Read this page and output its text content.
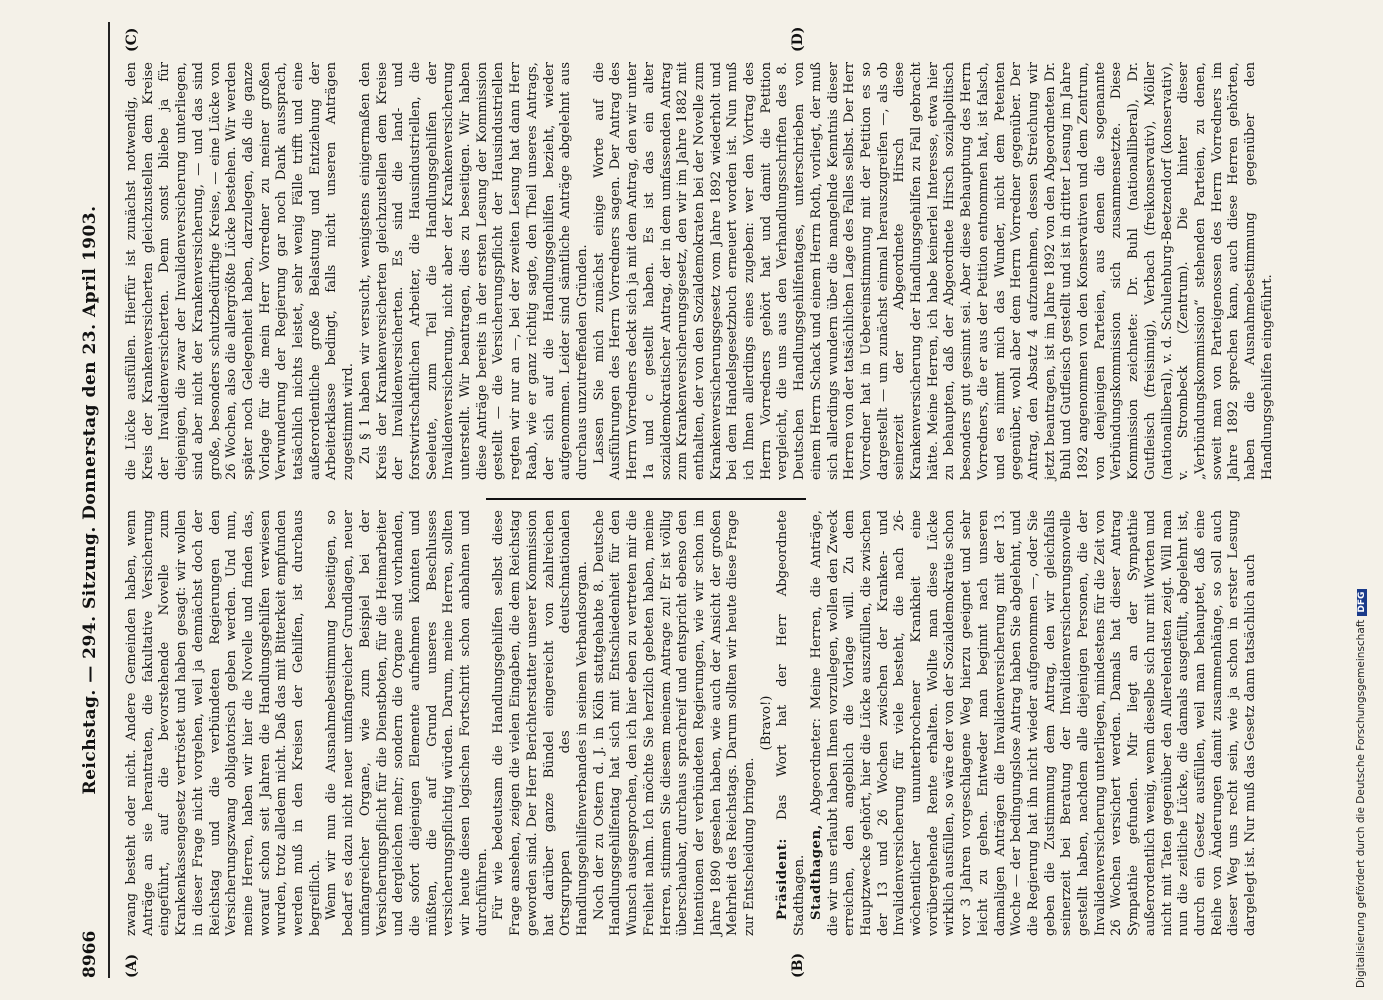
8966
Reichstag. — 294. Sitzung. Donnerstag den 23. April 1903.
(A)	(B)
(C)	(D)

zwang besteht oder nicht. Andere Gemeinden haben, wenn Anträge an sie herantraten, die fakultative Versicherung eingeführt, auf die bevorstehende Novelle zum Krankenkassengesetz vertröstet und haben gesagt: wir wollen in dieser Frage nicht vorgehen, weil ja demnächst doch der Reichstag und die verbündeten Regierungen den Versicherungszwang obligatorisch geben werden. Und nun, meine Herren, haben wir hier die Novelle und finden das, worauf schon seit Jahren die Handlungsgehilfen verwiesen wurden, trotz alledem nicht. Daß das mit Bitterkeit empfunden werden muß in den Kreisen der Gehilfen, ist durchaus begreiflich. Wenn wir nun die Ausnahmebestimmung beseitigen, so bedarf es dazu nicht neuer umfangreicher Grundlagen, neuer umfangreicher Organe, wie zum Beispiel bei der Versicherungspflicht für die Dienstboten, für die Heimarbeiter und dergleichen mehr; sondern die Organe sind vorhanden, die sofort diejenigen Elemente aufnehmen könnten und müßten, die auf Grund unseres Beschlusses versicherungspflichtig würden. Darum, meine Herren, sollten wir heute diesen logischen Fortschritt schon anbahnen und durchführen. Für wie bedeutsam die Handlungsgehilfen selbst diese Frage ansehen, zeigen die vielen Eingaben, die dem Reichstag geworden sind. Der Herr Berichterstatter unserer Kommission hat darüber ganze Bündel eingereicht von zahlreichen Ortsgruppen des deutschnationalen Handlungsgehilfenverbandes in seinem Verbandsorgan. Noch der zu Ostern d. J. in Köln stattgehabte 8. Deutsche Handlungsgehilfentag hat sich mit Entschiedenheit für den Wunsch ausgesprochen, den ich hier eben zu vertreten mir die Freiheit nahm. Ich möchte Sie herzlich gebeten haben, meine Herren, stimmen Sie diesem meinem Antrage zu! Er ist völlig überschaubar, durchaus sprachreif und entspricht ebenso den Intentionen der verbündeten Regierungen, wie wir schon im Jahre 1890 gesehen haben, wie auch der Ansicht der großen Mehrheit des Reichstags. Darum sollten wir heute diese Frage zur Entscheidung bringen.

(Bravo!)

Präsident: Das Wort hat der Herr Abgeordnete Stadthagen. Stadthagen, Abgeordneter: Meine Herren, die Anträge, die wir uns erlaubt haben Ihnen vorzulegen, wollen den Zweck erreichen, den angeblich die Vorlage will. Zu dem Hauptzwecke gehört, hier die Lücke auszufüllen, die zwischen der 13 und 26 Wochen zwischen der Kranken- und Invalidenversicherung für viele besteht, die nach 26-wöchentlicher ununterbrochener Krankheit eine vorübergehende Rente erhalten. Wollte man diese Lücke wirklich ausfüllen, so wäre der von der Sozialdemokratie schon vor 3 Jahren vorgeschlagene Weg hierzu geeignet und sehr leicht zu gehen. Entweder man beginnt nach unseren damaligen Anträgen die Invalidenversicherung mit der 13. Woche — der bedingungslose Antrag haben Sie abgelehnt, und die Regierung hat ihn nicht wieder aufgenommen —, oder Sie geben die Zustimmung dem Antrag, den wir gleichfalls seinerzeit bei Beratung der Invalidenversicherungsnovelle gestellt haben, nachdem alle diejenigen Personen, die der Invalidenversicherung unterliegen, mindestens für die Zeit von 26 Wochen versichert werden. Damals hat dieser Antrag Sympathie gefunden. Mir liegt an der Sympathie außerordentlich wenig, wenn dieselbe sich nur mit Worten und nicht mit Taten gegenüber den Allerelendsten zeigt. Will man nun die zeitliche Lücke, die damals ausgefüllt, abgelehnt ist, durch ein Gesetz ausfüllen, weil man behauptet, daß eine Reihe von Änderungen damit zusammenhänge, so soll auch dieser Weg uns recht sein, wie ja schon in erster Lesung dargelegt ist. Nur muß das Gesetz dann tatsächlich auch

die Lücke ausfüllen. Hierfür ist zunächst notwendig, den Kreis der Krankenversicherten gleichzustellen dem Kreise der Invalidenversicherten. Denn sonst bliebe ja für diejenigen, die zwar der Invalidenversicherung unterliegen, sind aber nicht der Krankenversicherung, — und das sind große, besonders schutzbedürftige Kreise, — eine Lücke von 26 Wochen, also die allergrößte Lücke bestehen. Wir werden später noch Gelegenheit haben, darzulegen, daß die ganze Vorlage für die mein Herr Vorredner zu meiner großen Verwunderung der Regierung gar noch Dank aussprach, tatsächlich nichts leistet, sehr wenig Fälle trifft und eine außerordentliche große Belastung und Entziehung der Arbeiterklasse bedingt, falls nicht unseren Anträgen zugestimmt wird. Zu § 1 haben wir versucht, wenigstens einigermaßen den Kreis der Krankenversicherten gleichzustellen dem Kreise der Invalidenversicherten. Es sind die land- und forstwirtschaftlichen Arbeiter, die Hausindustriellen, die Seeleute, zum Teil die Handlungsgehilfen der Invalidenversicherung, nicht aber der Krankenversicherung unterstellt. Wir beantragen, dies zu beseitigen. Wir haben diese Anträge bereits in der ersten Lesung der Kommission gestellt — die Versicherungspflicht der Hausindustriellen regten wir nur an —, bei der zweiten Lesung hat dann Herr Raab, wie er ganz richtig sagte, den Theil unseres Antrags, der sich auf die Handlungsgehilfen bezieht, wieder aufgenommen. Leider sind sämtliche Anträge abgelehnt aus durchaus unzutreffenden Gründen. Lassen Sie mich zunächst einige Worte auf die Ausführungen des Herrn Vorredners sagen. Der Antrag des Herrn Vorredners deckt sich ja mit dem Antrag, den wir unter 1a und c gestellt haben. Es ist das ein alter sozialdemokratischer Antrag, der in dem umfassenden Antrag zum Krankenversicherungsgesetz, den wir im Jahre 1882 mit enthalten, der von den Sozialdemokraten bei der Novelle zum Krankenversicherungsgesetz vom Jahre 1892 wiederholt und bei dem Handelsgesetzbuch erneuert worden ist. Nun muß ich Ihnen allerdings eines zugeben: wer den Vortrag des Herrn Vorredners gehört hat und damit die Petition vergleicht, die uns aus den Verhandlungsschriften des 8. Deutschen Handlungsgehilfentages, unterschrieben von einem Herrn Schack und einem Herrn Roth, vorliegt, der muß sich allerdings wundern über die mangelnde Kenntnis dieser Herren von der tatsächlichen Lage des Falles selbst. Der Herr Vorredner hat in Uebereinstimmung mit der Petition es so dargestellt — um zunächst einmal herauszugreifen —, als ob seinerzeit der Abgeordnete Hirsch diese Krankenversicherung der Handlungsgehilfen zu Fall gebracht hätte. Meine Herren, ich habe keinerlei Interesse, etwa hier zu behaupten, daß der Abgeordnete Hirsch sozialpolitisch besonders gut gesinnt sei. Aber diese Behauptung des Herrn Vorredners, die er aus der Petition entnommen hat, ist falsch, und es nimmt mich das Wunder, nicht dem Petenten gegenüber, wohl aber dem Herrn Vorredner gegenüber. Der Antrag, den Absatz 4 aufzunehmen, dessen Streichung wir jetzt beantragen, ist im Jahre 1892 von den Abgeordneten Dr. Buhl und Gutfleisch gestellt und ist in dritter Lesung im Jahre 1892 angenommen von den Konservativen und dem Zentrum, von denjenigen Parteien, aus denen die sogenannte Verbündungskommission sich zusammensetzte. Diese Kommission zeichnete: Dr. Buhl (nationalliberal), Dr. Gutfleisch (freisinnig), Verbach (freikonservativ), Möller (nationalliberal), v. d. Schulenburg-Beetzendorf (konservativ), v. Strombeck (Zentrum). Die hinter dieser „Verbündungskommission“ stehenden Parteien, zu denen, soweit man von Parteigenossen des Herrn Vorredners im Jahre 1892 sprechen kann, auch diese Herren gehörten, haben die Ausnahmebestimmung gegenüber den Handlungsgehilfen eingeführt.

Digitalisierung gefördert durch die Deutsche ForschungsgemeinschaftDFG
